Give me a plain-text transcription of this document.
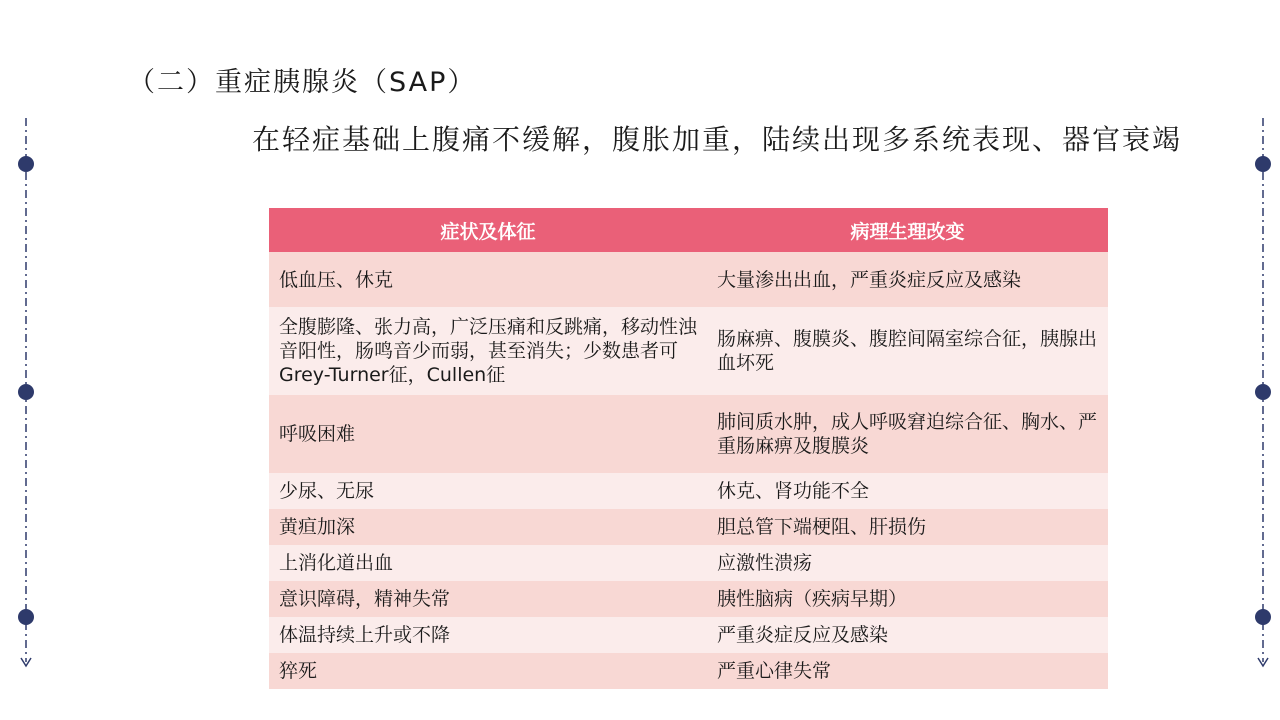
（二）重症胰腺炎（SAP）
在轻症基础上腹痛不缓解，腹胀加重，陆续出现多系统表现、器官衰竭
症状及体征	病理生理改变
低血压、休克	大量渗出出血，严重炎症反应及感染
全腹膨隆、张力高，广泛压痛和反跳痛，移动性浊音阳性，肠鸣音少而弱，甚至消失；少数患者可Grey-Turner征，Cullen征	肠麻痹、腹膜炎、腹腔间隔室综合征，胰腺出血坏死
呼吸困难	肺间质水肿，成人呼吸窘迫综合征、胸水、严重肠麻痹及腹膜炎
少尿、无尿	休克、肾功能不全
黄疸加深	胆总管下端梗阻、肝损伤
上消化道出血	应激性溃疡
意识障碍，精神失常	胰性脑病（疾病早期）
体温持续上升或不降	严重炎症反应及感染
猝死	严重心律失常
